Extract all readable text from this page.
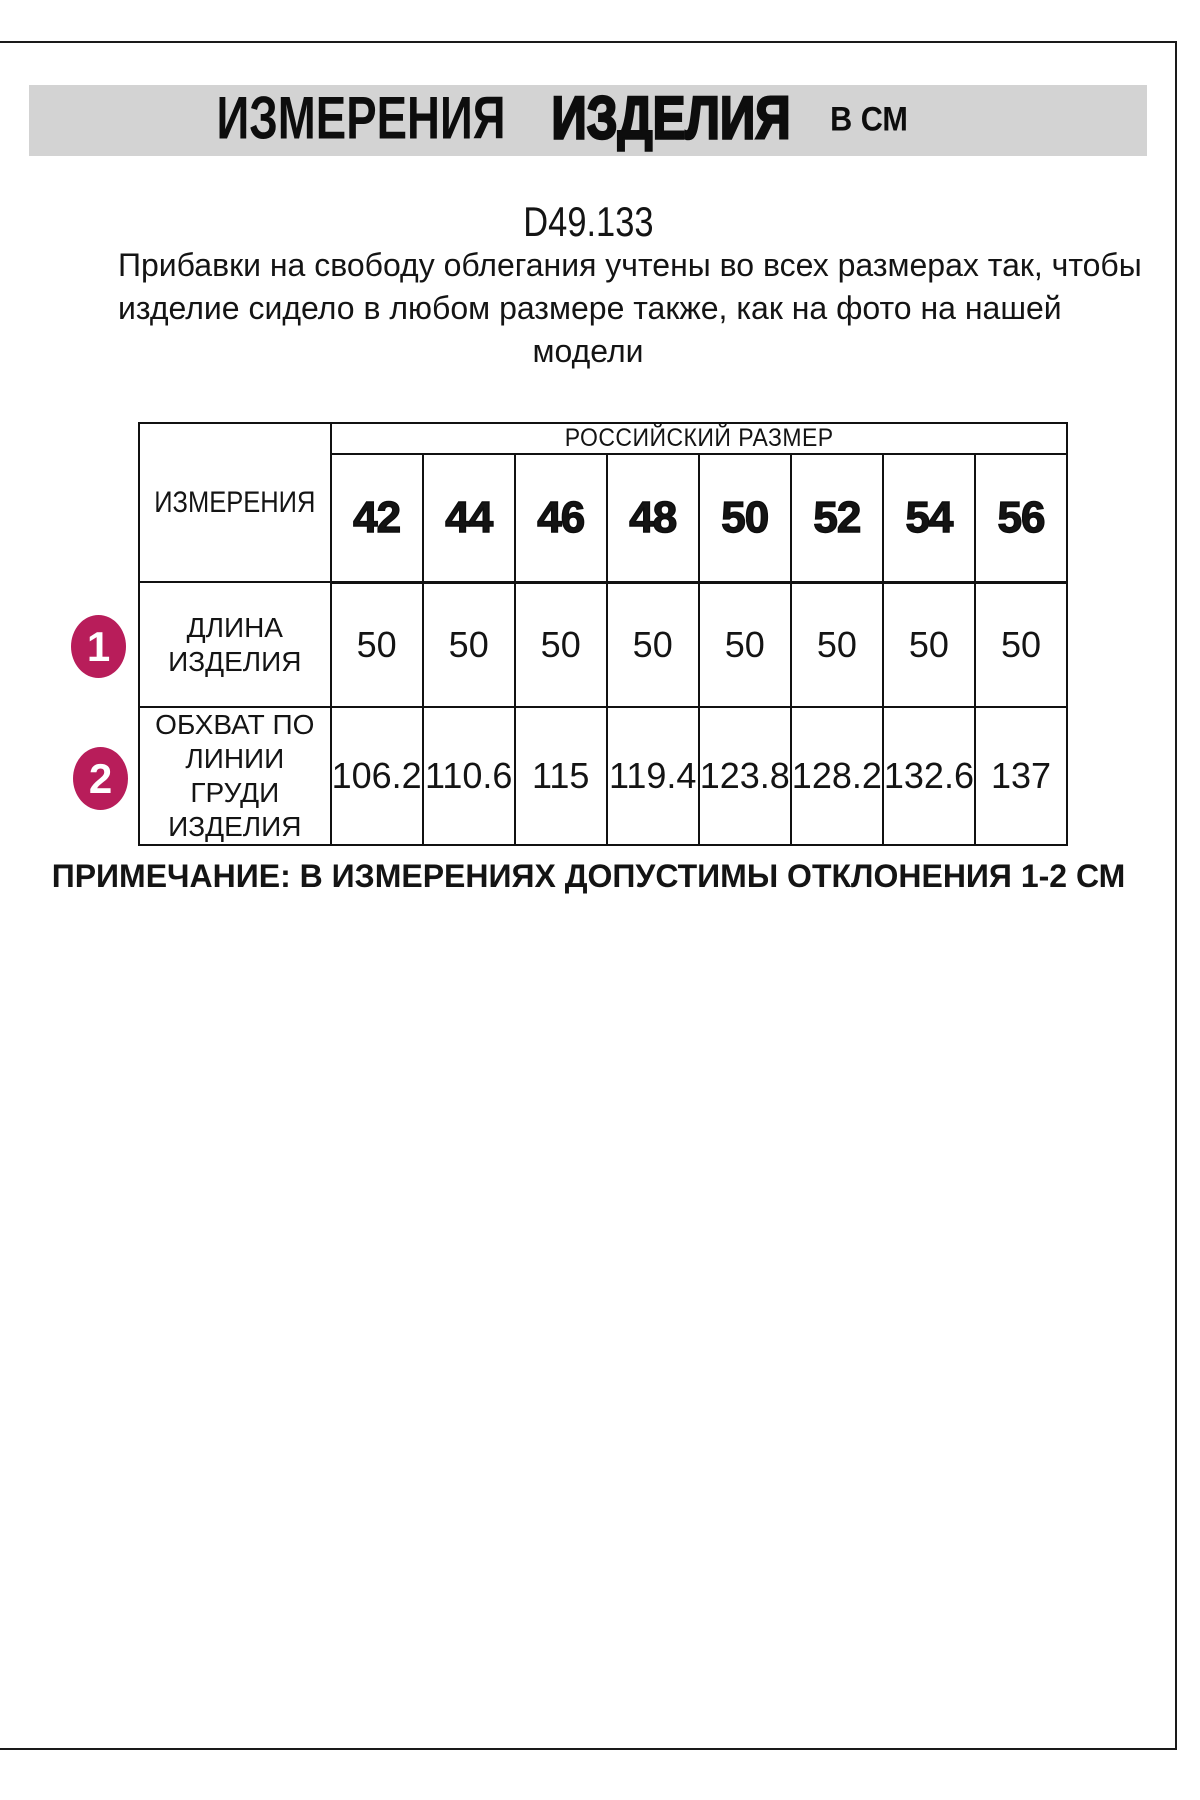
ИЗМЕРЕНИЯ ИЗДЕЛИЯ В СМ
D49.133
Прибавки на свободу облегания учтены во всех размерах так, чтобы
изделие сидело в любом размере также, как на фото на нашей
модели
ИЗМЕРЕНИЯ	РОССИЙСКИЙ РАЗМЕР							
	42	44	46	48	50	52	54	56
ДЛИНА ИЗДЕЛИЯ	50	50	50	50	50	50	50	50
ОБХВАТ ПО ЛИНИИ ГРУДИ ИЗДЕЛИЯ	106.2	110.6	115	119.4	123.8	128.2	132.6	137
1
2
ПРИМЕЧАНИЕ: В ИЗМЕРЕНИЯХ ДОПУСТИМЫ ОТКЛОНЕНИЯ 1-2 СМ
